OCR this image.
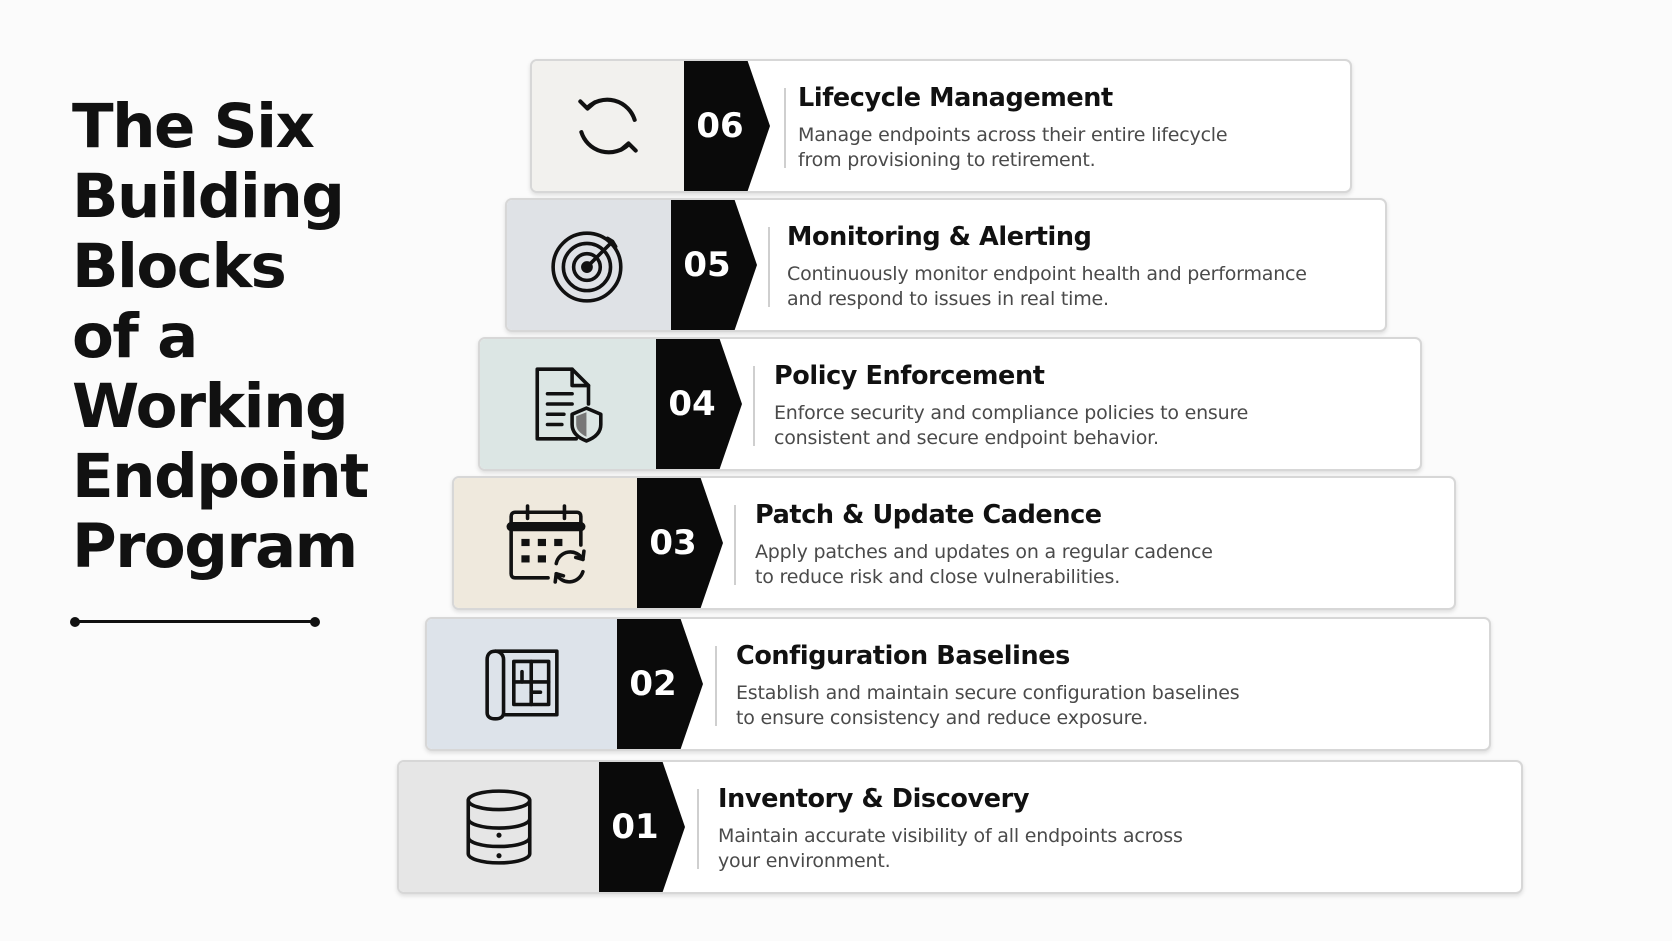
The Six
Building
Blocks
of a
Working
Endpoint
Program
06
Lifecycle Management
Manage endpoints across their entire lifecycle
from provisioning to retirement.
05
Monitoring & Alerting
Continuously monitor endpoint health and performance
and respond to issues in real time.
04
Policy Enforcement
Enforce security and compliance policies to ensure
consistent and secure endpoint behavior.
03
Patch & Update Cadence
Apply patches and updates on a regular cadence
to reduce risk and close vulnerabilities.
02
Configuration Baselines
Establish and maintain secure configuration baselines
to ensure consistency and reduce exposure.
01
Inventory & Discovery
Maintain accurate visibility of all endpoints across
your environment.
